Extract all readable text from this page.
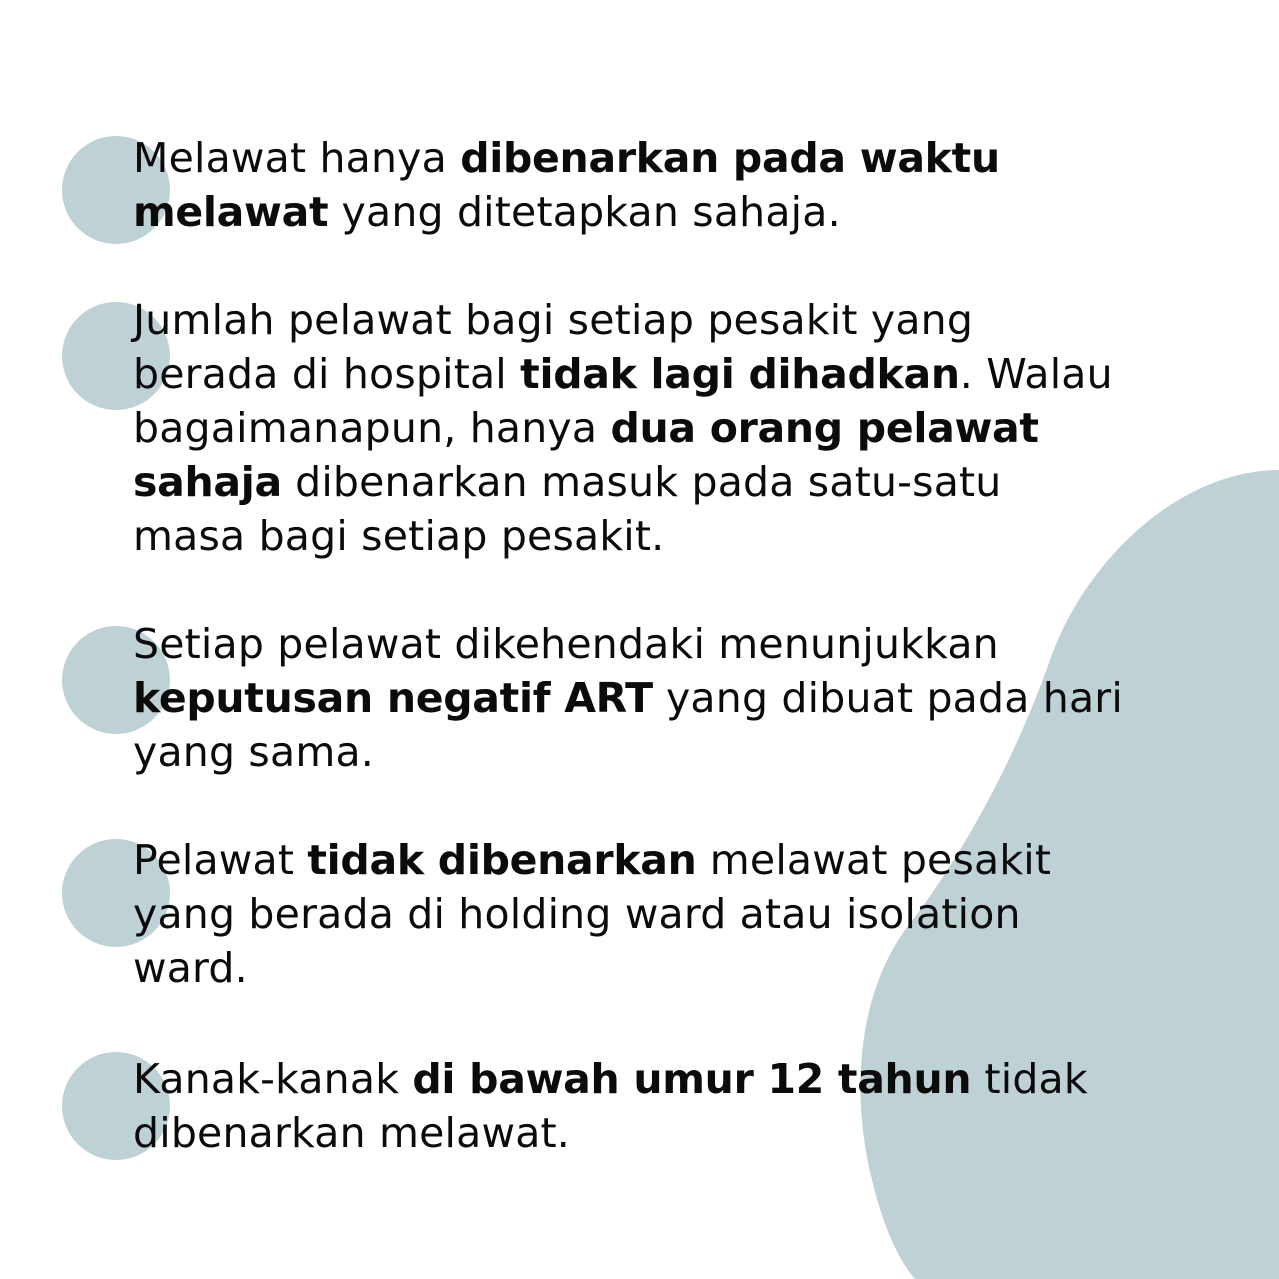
Melawat hanya dibenarkan pada waktu
melawat yang ditetapkan sahaja.

Jumlah pelawat bagi setiap pesakit yang
berada di hospital tidak lagi dihadkan. Walau
bagaimanapun, hanya dua orang pelawat
sahaja dibenarkan masuk pada satu-satu
masa bagi setiap pesakit.

Setiap pelawat dikehendaki menunjukkan
keputusan negatif ART yang dibuat pada hari
yang sama.

Pelawat tidak dibenarkan melawat pesakit
yang berada di holding ward atau isolation
ward.

Kanak-kanak di bawah umur 12 tahun tidak
dibenarkan melawat.
